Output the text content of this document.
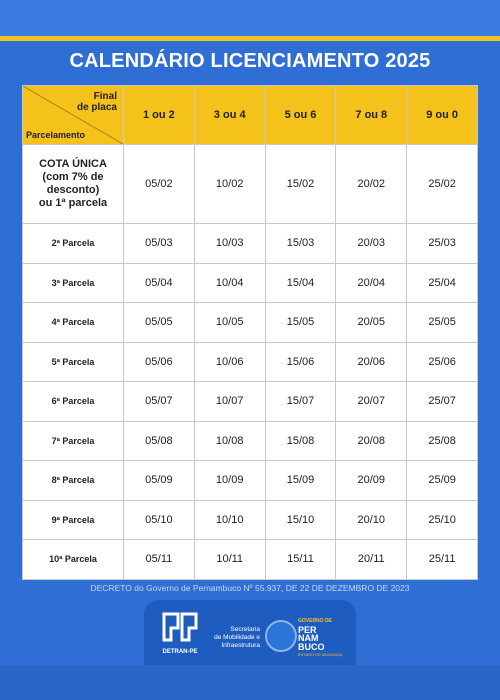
CALENDÁRIO LICENCIAMENTO 2025
Final
de placa
Parcelamento	1 ou 2	3 ou 4	5 ou 6	7 ou 8	9 ou 0
COTA ÚNICA
(com 7% de
desconto)
ou 1ª parcela	05/02	10/02	15/02	20/02	25/02
2ª Parcela	05/03	10/03	15/03	20/03	25/03
3ª Parcela	05/04	10/04	15/04	20/04	25/04
4ª Parcela	05/05	10/05	15/05	20/05	25/05
5ª Parcela	05/06	10/06	15/06	20/06	25/06
6ª Parcela	05/07	10/07	15/07	20/07	25/07
7ª Parcela	05/08	10/08	15/08	20/08	25/08
8ª Parcela	05/09	10/09	15/09	20/09	25/09
9ª Parcela	05/10	10/10	15/10	20/10	25/10
10ª Parcela	05/11	10/11	15/11	20/11	25/11
DECRETO do Governo de Pernambuco Nº 55.937, DE 22 DE DEZEMBRO DE 2023
DETRAN-PE
Secretaria
de Mobilidade e
Infraestrutura
GOVERNO DE
PER
NAM
BUCO
ESTADO DE MUDANÇA
